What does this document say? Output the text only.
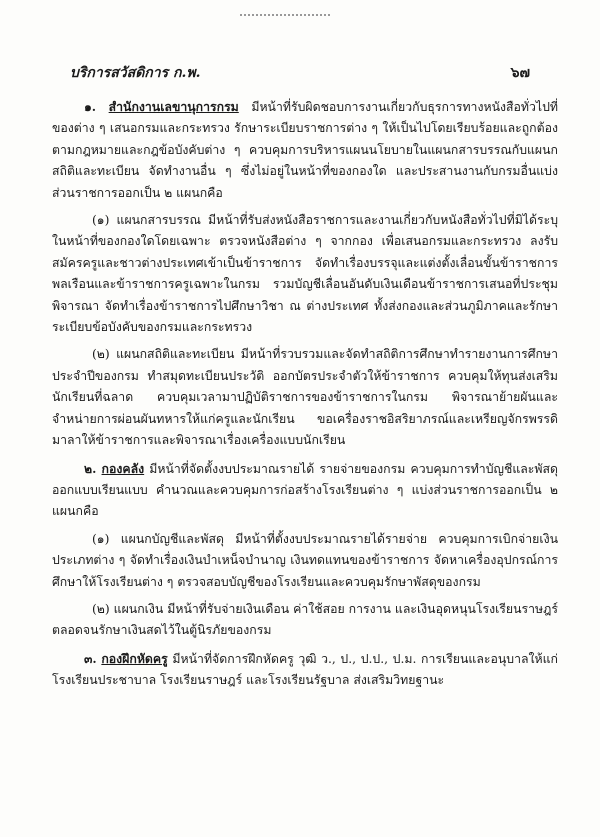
บริการสวัสดิการ ก.พ.	๖๗

๑. สำนักงานเลขานุการกรม มีหน้าที่รับผิดชอบการงานเกี่ยวกับธุรการทางหนังสือทั่วไปที่ของต่าง ๆ เสนอกรมและกระทรวง รักษาระเบียบราชการต่าง ๆ ให้เป็นไปโดยเรียบร้อยและถูกต้องตามกฎหมายและกฎข้อบังคับต่าง ๆ ควบคุมการบริหารแผนนโยบายในแผนกสารบรรณกับแผนกสถิติและทะเบียน จัดทำงานอื่น ๆ ซึ่งไม่อยู่ในหน้าที่ของกองใด และประสานงานกับกรมอื่นแบ่งส่วนราชการออกเป็น ๒ แผนกคือ

(๑) แผนกสารบรรณ มีหน้าที่รับส่งหนังสือราชการและงานเกี่ยวกับหนังสือทั่วไปที่มิได้ระบุในหน้าที่ของกองใดโดยเฉพาะ ตรวจหนังสือต่าง ๆ จากกอง เพื่อเสนอกรมและกระทรวง ลงรับสมัครครูและชาวต่างประเทศเข้าเป็นข้าราชการ จัดทำเรื่องบรรจุและแต่งตั้งเลื่อนขั้นข้าราชการพลเรือนและข้าราชการครูเฉพาะในกรม รวมบัญชีเลื่อนอันดับเงินเดือนข้าราชการเสนอที่ประชุมพิจารณา จัดทำเรื่องข้าราชการไปศึกษาวิชา ณ ต่างประเทศ ทั้งส่งกองและส่วนภูมิภาคและรักษาระเบียบข้อบังคับของกรมและกระทรวง

(๒) แผนกสถิติและทะเบียน มีหน้าที่รวบรวมและจัดทำสถิติการศึกษาทำรายงานการศึกษาประจำปีของกรม ทำสมุดทะเบียนประวัติ ออกบัตรประจำตัวให้ข้าราชการ ควบคุมให้ทุนส่งเสริมนักเรียนที่ฉลาด ควบคุมเวลามาปฏิบัติราชการของข้าราชการในกรม พิจารณาย้ายผันและจำหน่ายการผ่อนผันทหารให้แก่ครูและนักเรียน ขอเครื่องราชอิสริยาภรณ์และเหรียญจักรพรรดิมาลาให้ข้าราชการและพิจารณาเรื่องเครื่องแบบนักเรียน

๒. กองคลัง มีหน้าที่จัดตั้งงบประมาณรายได้ รายจ่ายของกรม ควบคุมการทำบัญชีและพัสดุ ออกแบบเรียนแบบ คำนวณและควบคุมการก่อสร้างโรงเรียนต่าง ๆ แบ่งส่วนราชการออกเป็น ๒ แผนกคือ

(๑) แผนกบัญชีและพัสดุ มีหน้าที่ตั้งงบประมาณรายได้รายจ่าย ควบคุมการเบิกจ่ายเงินประเภทต่าง ๆ จัดทำเรื่องเงินบำเหน็จบำนาญ เงินทดแทนของข้าราชการ จัดหาเครื่องอุปกรณ์การศึกษาให้โรงเรียนต่าง ๆ ตรวจสอบบัญชีของโรงเรียนและควบคุมรักษาพัสดุของกรม

(๒) แผนกเงิน มีหน้าที่รับจ่ายเงินเดือน ค่าใช้สอย การงาน และเงินอุดหนุนโรงเรียนราษฎร์ ตลอดจนรักษาเงินสดไว้ในตู้นิรภัยของกรม

๓. กองฝึกหัดครู มีหน้าที่จัดการฝึกหัดครู วุฒิ ว., ป., ป.ป., ป.ม. การเรียนและอนุบาลให้แก่โรงเรียนประชาบาล โรงเรียนราษฎร์ และโรงเรียนรัฐบาล ส่งเสริมวิทยฐานะ
